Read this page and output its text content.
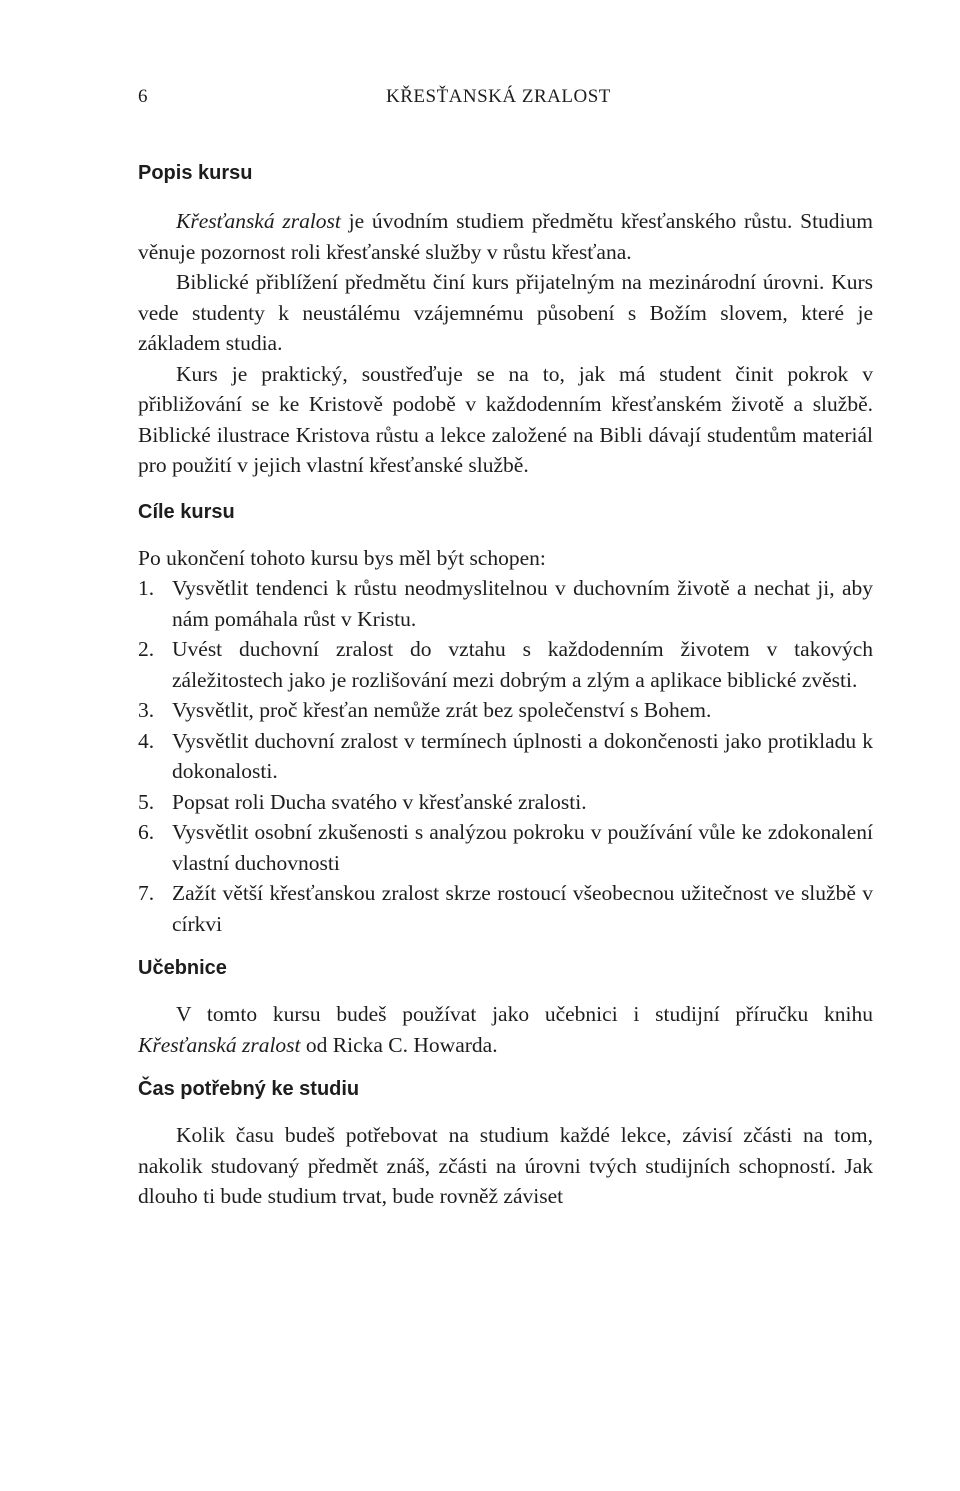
6	KŘESŤANSKÁ ZRALOST
Popis kursu

Křesťanská zralost je úvodním studiem předmětu křesťanského růstu. Studium věnuje pozornost roli křesťanské služby v růstu křesťana.

Biblické přiblížení předmětu činí kurs přijatelným na mezinárodní úrovni. Kurs vede studenty k neustálému vzájemnému působení s Božím slovem, které je základem studia.

Kurs je praktický, soustřeďuje se na to, jak má student činit pokrok v přibližování se ke Kristově podobě v každodenním křesťanském životě a službě. Biblické ilustrace Kristova růstu a lekce založené na Bibli dávají studentům materiál pro použití v jejich vlastní křesťanské službě.

Cíle kursu

Po ukončení tohoto kursu bys měl být schopen:

1. Vysvětlit tendenci k růstu neodmyslitelnou v duchovním životě a nechat ji, aby nám pomáhala růst v Kristu.
2. Uvést duchovní zralost do vztahu s každodenním životem v takových záležitostech jako je rozlišování mezi dobrým a zlým a aplikace biblické zvěsti.
3. Vysvětlit, proč křesťan nemůže zrát bez společenství s Bohem.
4. Vysvětlit duchovní zralost v termínech úplnosti a dokončenosti jako protikladu k dokonalosti.
5. Popsat roli Ducha svatého v křesťanské zralosti.
6. Vysvětlit osobní zkušenosti s analýzou pokroku v používání vůle ke zdokonalení vlastní duchovnosti
7. Zažít větší křesťanskou zralost skrze rostoucí všeobecnou užitečnost ve službě v církvi
Učebnice

V tomto kursu budeš používat jako učebnici i studijní příručku knihu Křesťanská zralost od Ricka C. Howarda.

Čas potřebný ke studiu

Kolik času budeš potřebovat na studium každé lekce, závisí zčásti na tom, nakolik studovaný předmět znáš, zčásti na úrovni tvých studijních schopností. Jak dlouho ti bude studium trvat, bude rovněž záviset
